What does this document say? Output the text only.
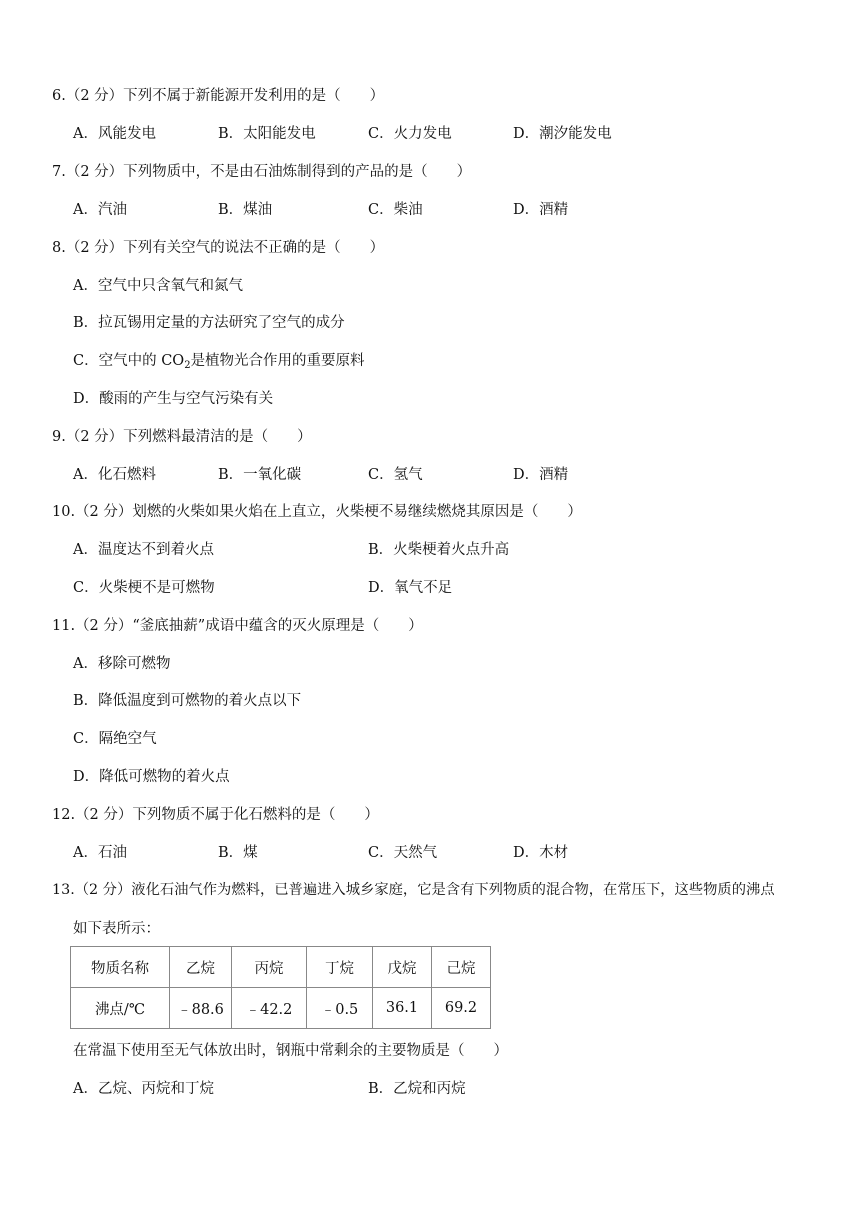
6.（2 分）下列不属于新能源开发利用的是（　　）
A．风能发电	B．太阳能发电	C．火力发电	D．潮汐能发电
7.（2 分）下列物质中，不是由石油炼制得到的产品的是（　　）
A．汽油	B．煤油	C．柴油	D．酒精
8.（2 分）下列有关空气的说法不正确的是（　　）
A．空气中只含氧气和氮气
B．拉瓦锡用定量的方法研究了空气的成分
C．空气中的 $CO_2$是植物光合作用的重要原料
D．酸雨的产生与空气污染有关
9.（2 分）下列燃料最清洁的是（　　）
A．化石燃料	B．一氧化碳	C．氢气	D．酒精
10.（2 分）划燃的火柴如果火焰在上直立，火柴梗不易继续燃烧其原因是（　　）
A．温度达不到着火点	B．火柴梗着火点升高
C．火柴梗不是可燃物	D．氧气不足
11.（2 分）“釜底抽薪”成语中蕴含的灭火原理是（　　）
A．移除可燃物
B．降低温度到可燃物的着火点以下
C．隔绝空气
D．降低可燃物的着火点
12.（2 分）下列物质不属于化石燃料的是（　　）
A．石油	B．煤	C．天然气	D．木材
13.（2 分）液化石油气作为燃料，已普遍进入城乡家庭，它是含有下列物质的混合物，在常压下，这些物质的沸点
如下表所示：
物质名称	乙烷	丙烷	丁烷	戊烷	己烷
沸点/℃	﹣88.6	﹣42.2	﹣0.5	36.1	69.2
在常温下使用至无气体放出时，钢瓶中常剩余的主要物质是（　　）
A．乙烷、丙烷和丁烷	B．乙烷和丙烷
